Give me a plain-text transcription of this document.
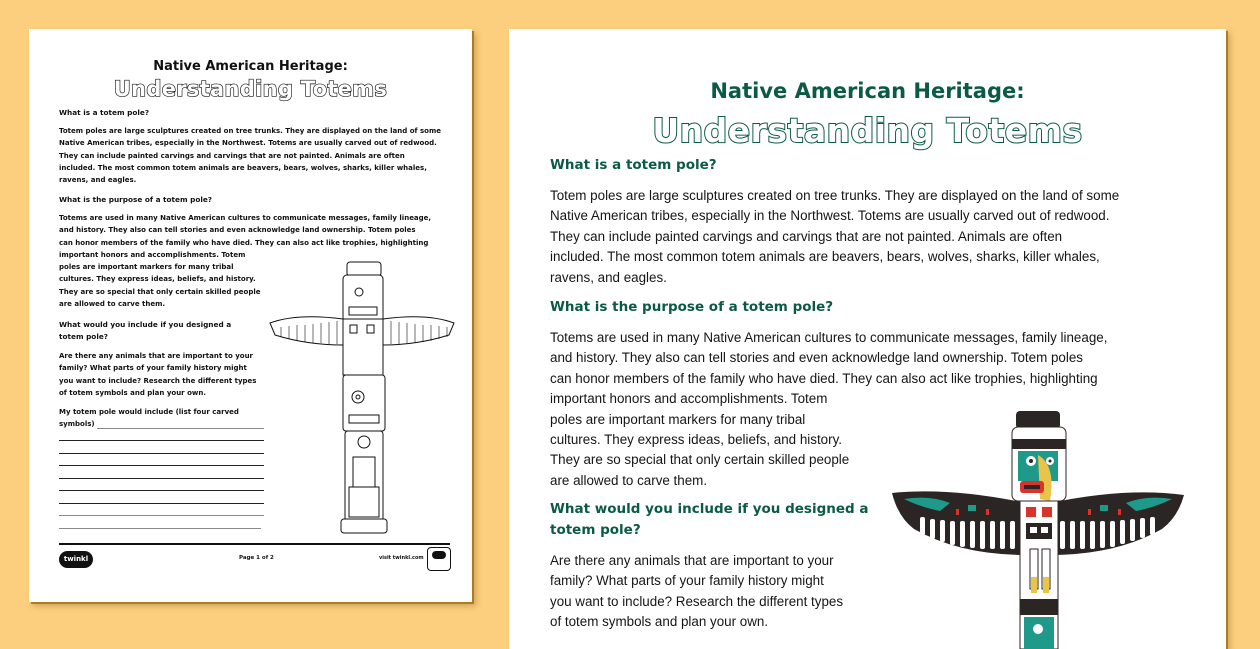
Native American Heritage:
Understanding Totems
What is a totem pole?
Totem poles are large sculptures created on tree trunks. They are displayed on the land of some
Native American tribes, especially in the Northwest. Totems are usually carved out of redwood.
They can include painted carvings and carvings that are not painted. Animals are often
included. The most common totem animals are beavers, bears, wolves, sharks, killer whales,
ravens, and eagles.
What is the purpose of a totem pole?
Totems are used in many Native American cultures to communicate messages, family lineage,
and history. They also can tell stories and even acknowledge land ownership. Totem poles
can honor members of the family who have died. They can also act like trophies, highlighting
important honors and accomplishments. Totem
poles are important markers for many tribal
cultures. They express ideas, beliefs, and history.
They are so special that only certain skilled people
are allowed to carve them.
What would you include if you designed a
totem pole?
Are there any animals that are important to your
family? What parts of your family history might
you want to include? Research the different types
of totem symbols and plan your own.
My totem pole would include (list four carved
symbols)
twinkl	Page 1 of 2	visit twinkl.com
Native American Heritage:
Understanding Totems
What is a totem pole?
Totem poles are large sculptures created on tree trunks. They are displayed on the land of some
Native American tribes, especially in the Northwest. Totems are usually carved out of redwood.
They can include painted carvings and carvings that are not painted. Animals are often
included. The most common totem animals are beavers, bears, wolves, sharks, killer whales,
ravens, and eagles.
What is the purpose of a totem pole?
Totems are used in many Native American cultures to communicate messages, family lineage,
and history. They also can tell stories and even acknowledge land ownership. Totem poles
can honor members of the family who have died. They can also act like trophies, highlighting
important honors and accomplishments. Totem
poles are important markers for many tribal
cultures. They express ideas, beliefs, and history.
They are so special that only certain skilled people
are allowed to carve them.
What would you include if you designed a
totem pole?
Are there any animals that are important to your
family? What parts of your family history might
you want to include? Research the different types
of totem symbols and plan your own.
